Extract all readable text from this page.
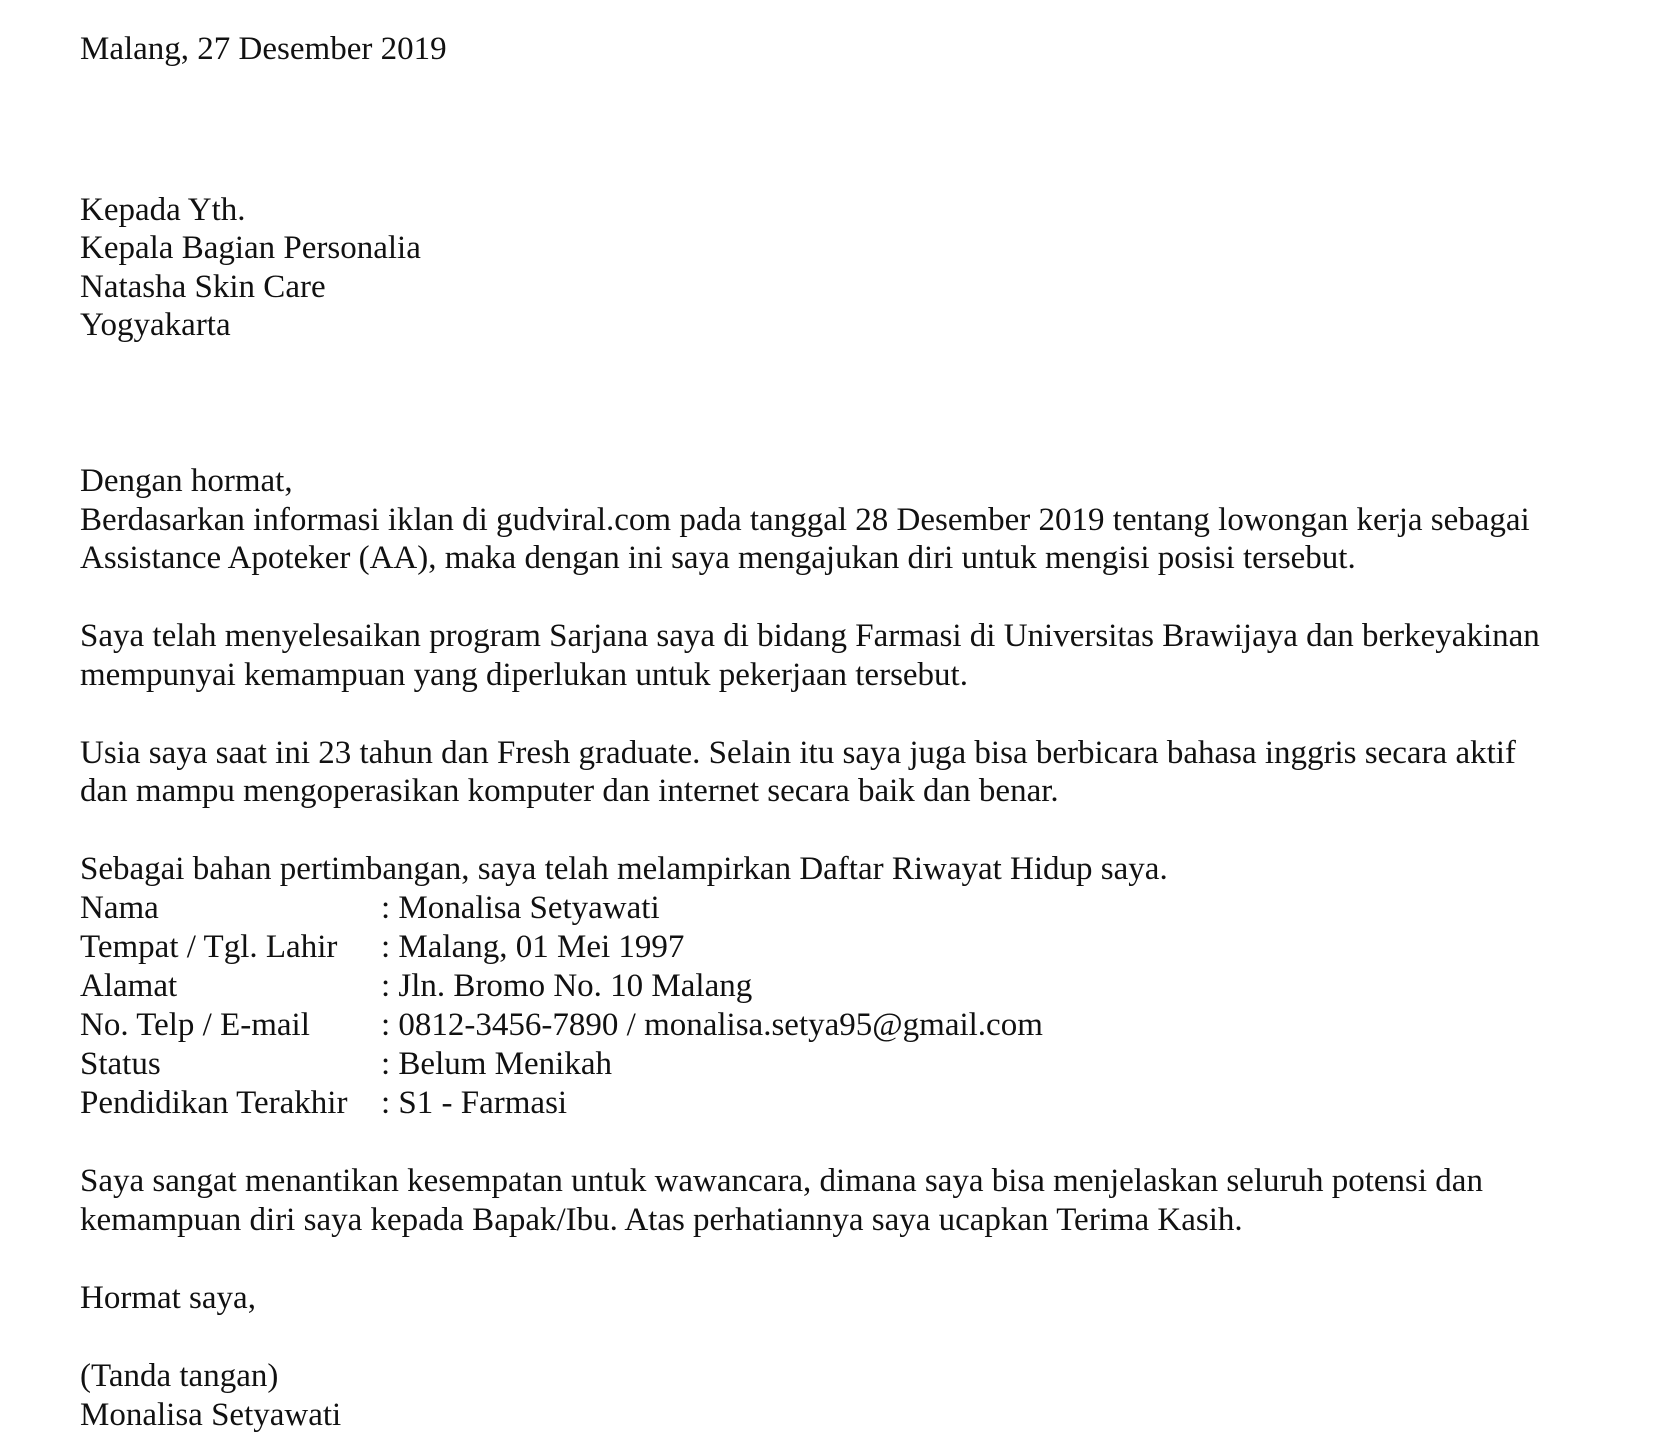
Malang, 27 Desember 2019
Kepada Yth.
Kepala Bagian Personalia
Natasha Skin Care
Yogyakarta
Dengan hormat,
Berdasarkan informasi iklan di gudviral.com pada tanggal 28 Desember 2019 tentang lowongan kerja sebagai
Assistance Apoteker (AA), maka dengan ini saya mengajukan diri untuk mengisi posisi tersebut.
Saya telah menyelesaikan program Sarjana saya di bidang Farmasi di Universitas Brawijaya dan berkeyakinan
mempunyai kemampuan yang diperlukan untuk pekerjaan tersebut.
Usia saya saat ini 23 tahun dan Fresh graduate. Selain itu saya juga bisa berbicara bahasa inggris secara aktif
dan mampu mengoperasikan komputer dan internet secara baik dan benar.
Sebagai bahan pertimbangan, saya telah melampirkan Daftar Riwayat Hidup saya.
Nama	: Monalisa Setyawati
Tempat / Tgl. Lahir : Malang, 01 Mei 1997
Alamat	: Jln. Bromo No. 10 Malang
No. Telp / E-mail : 0812-3456-7890 / monalisa.setya95@gmail.com
Status	: Belum Menikah
Pendidikan Terakhir : S1 - Farmasi
Saya sangat menantikan kesempatan untuk wawancara, dimana saya bisa menjelaskan seluruh potensi dan
kemampuan diri saya kepada Bapak/Ibu. Atas perhatiannya saya ucapkan Terima Kasih.
Hormat saya,
(Tanda tangan)
Monalisa Setyawati
